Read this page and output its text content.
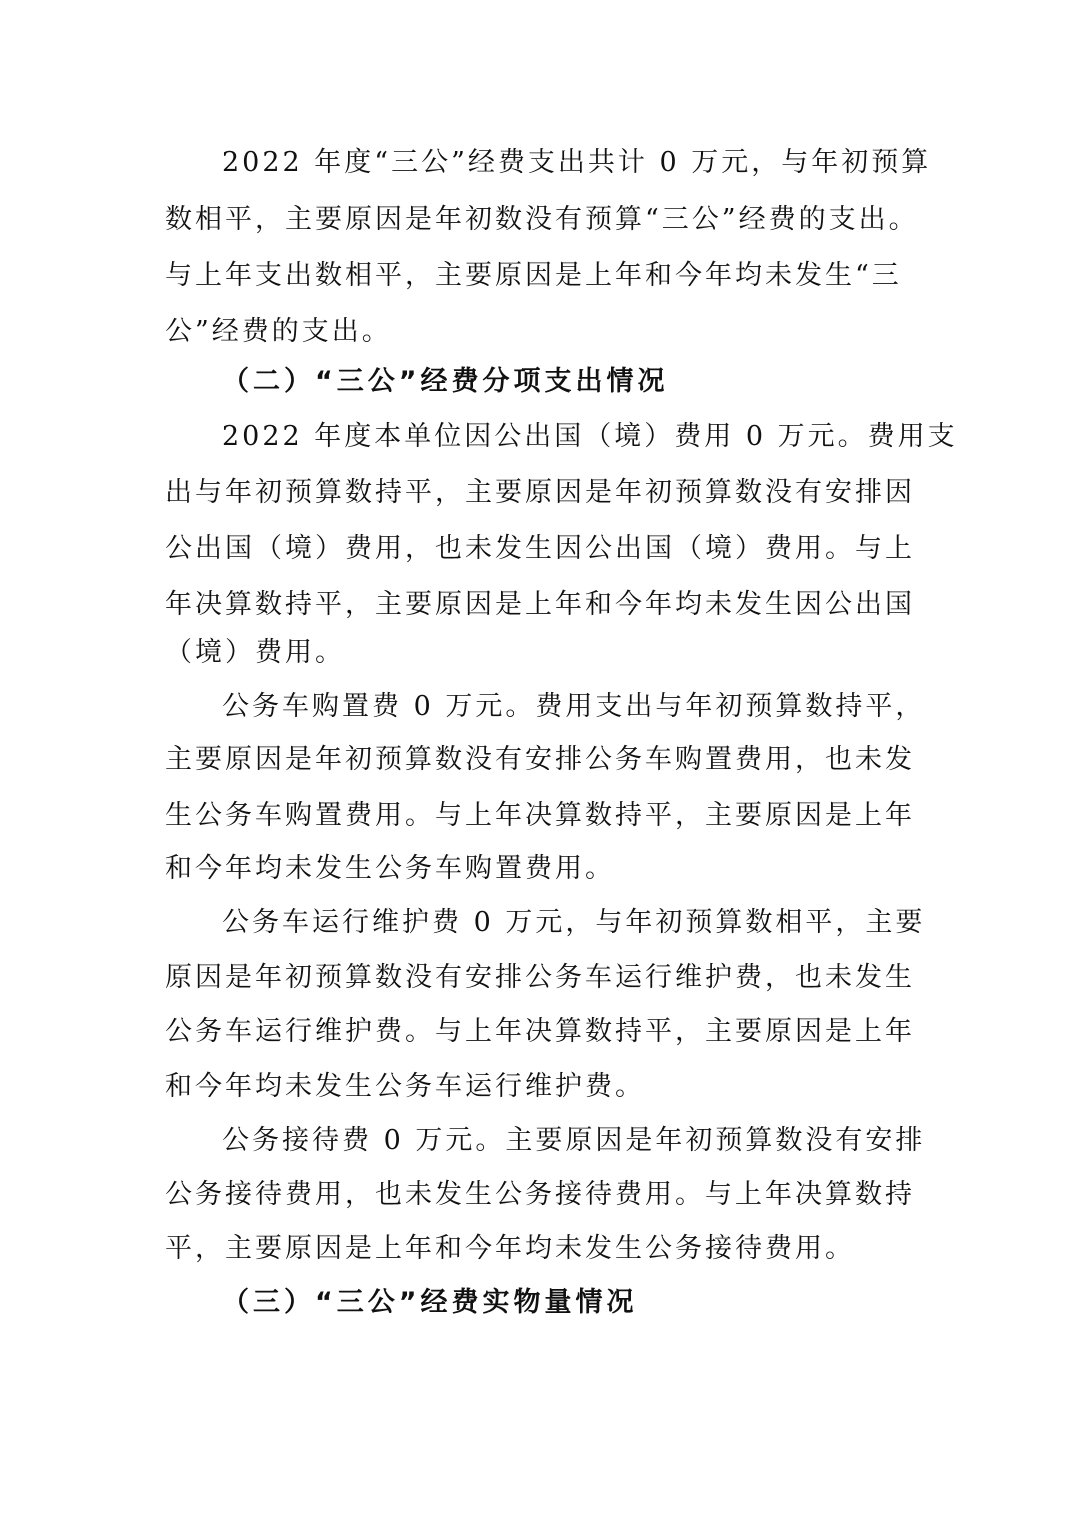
2022 年度“三公”经费支出共计 0 万元，与年初预算
数相平，主要原因是年初数没有预算“三公”经费的支出。
与上年支出数相平，主要原因是上年和今年均未发生“三
公”经费的支出。
（二）“三公”经费分项支出情况
2022 年度本单位因公出国（境）费用 0 万元。费用支
出与年初预算数持平，主要原因是年初预算数没有安排因
公出国（境）费用，也未发生因公出国（境）费用。与上
年决算数持平，主要原因是上年和今年均未发生因公出国
（境）费用。
公务车购置费 0 万元。费用支出与年初预算数持平，
主要原因是年初预算数没有安排公务车购置费用，也未发
生公务车购置费用。与上年决算数持平，主要原因是上年
和今年均未发生公务车购置费用。
公务车运行维护费 0 万元，与年初预算数相平，主要
原因是年初预算数没有安排公务车运行维护费，也未发生
公务车运行维护费。与上年决算数持平，主要原因是上年
和今年均未发生公务车运行维护费。
公务接待费 0 万元。主要原因是年初预算数没有安排
公务接待费用，也未发生公务接待费用。与上年决算数持
平，主要原因是上年和今年均未发生公务接待费用。
（三）“三公”经费实物量情况
